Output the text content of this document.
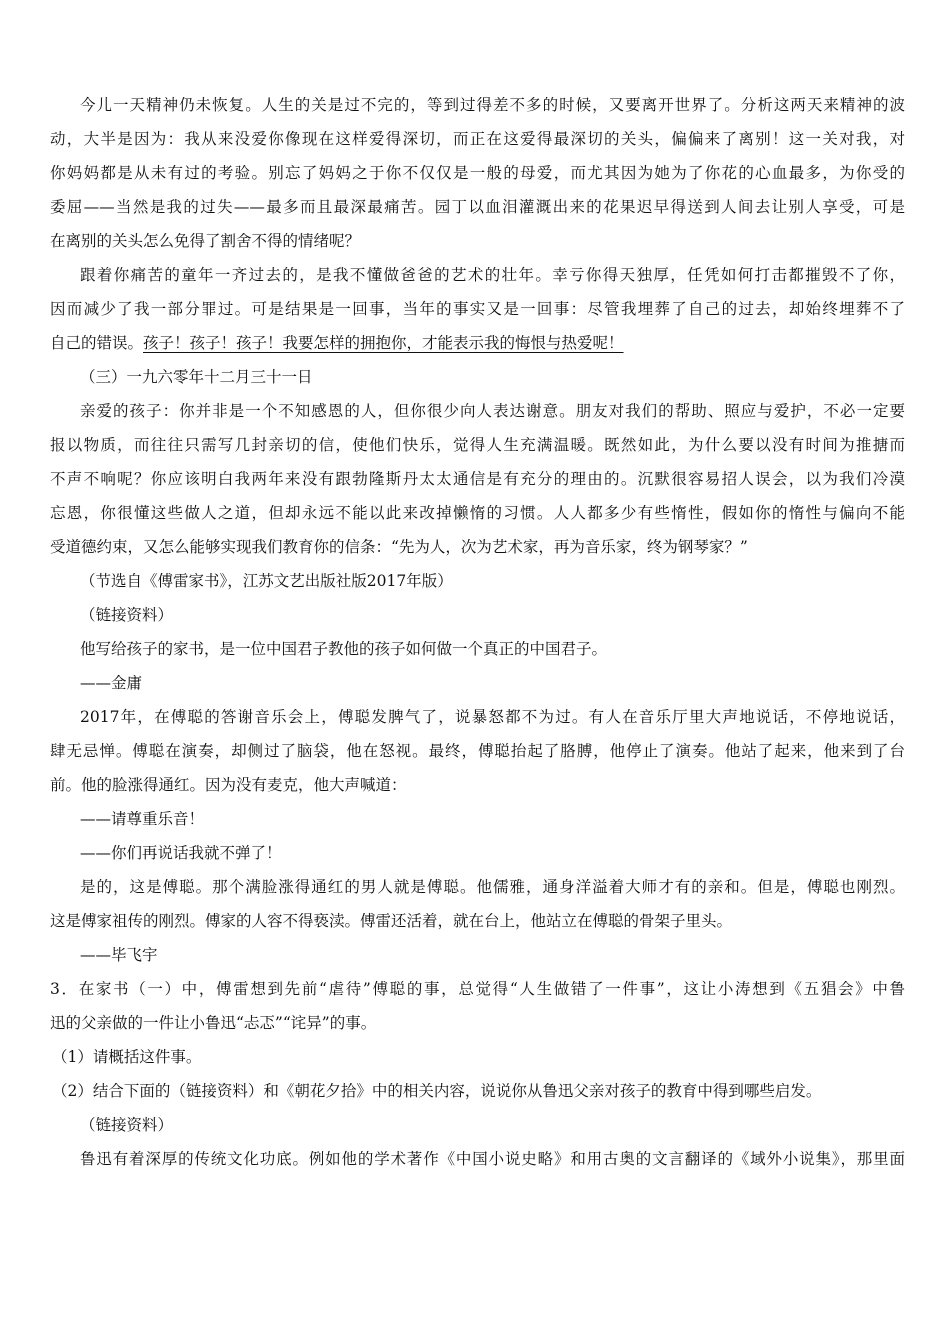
今儿一天精神仍未恢复。人生的关是过不完的，等到过得差不多的时候，又要离开世界了。分析这两天来精神的波
动，大半是因为：我从来没爱你像现在这样爱得深切，而正在这爱得最深切的关头，偏偏来了离别！这一关对我，对
你妈妈都是从未有过的考验。别忘了妈妈之于你不仅仅是一般的母爱，而尤其因为她为了你花的心血最多，为你受的
委屈——当然是我的过失——最多而且最深最痛苦。园丁以血泪灌溉出来的花果迟早得送到人间去让别人享受，可是
在离别的关头怎么免得了割舍不得的情绪呢？
跟着你痛苦的童年一齐过去的，是我不懂做爸爸的艺术的壮年。幸亏你得天独厚，任凭如何打击都摧毁不了你，
因而减少了我一部分罪过。可是结果是一回事，当年的事实又是一回事：尽管我埋葬了自己的过去，却始终埋葬不了
自己的错误。孩子！孩子！孩子！我要怎样的拥抱你，才能表示我的悔恨与热爱呢！
（三）一九六零年十二月三十一日
亲爱的孩子：你并非是一个不知感恩的人，但你很少向人表达谢意。朋友对我们的帮助、照应与爱护，不必一定要
报以物质，而往往只需写几封亲切的信，使他们快乐，觉得人生充满温暖。既然如此，为什么要以没有时间为推搪而
不声不响呢？你应该明白我两年来没有跟勃隆斯丹太太通信是有充分的理由的。沉默很容易招人误会，以为我们冷漠
忘恩，你很懂这些做人之道，但却永远不能以此来改掉懒惰的习惯。人人都多少有些惰性，假如你的惰性与偏向不能
受道德约束，又怎么能够实现我们教育你的信条：“先为人，次为艺术家，再为音乐家，终为钢琴家？”
（节选自《傅雷家书》，江苏文艺出版社版2017年版）
（链接资料）
他写给孩子的家书，是一位中国君子教他的孩子如何做一个真正的中国君子。
——金庸
2017年，在傅聪的答谢音乐会上，傅聪发脾气了，说暴怒都不为过。有人在音乐厅里大声地说话，不停地说话，
肆无忌惮。傅聪在演奏，却侧过了脑袋，他在怒视。最终，傅聪抬起了胳膊，他停止了演奏。他站了起来，他来到了台
前。他的脸涨得通红。因为没有麦克，他大声喊道：
——请尊重乐音！
——你们再说话我就不弹了！
是的，这是傅聪。那个满脸涨得通红的男人就是傅聪。他儒雅，通身洋溢着大师才有的亲和。但是，傅聪也刚烈。
这是傅家祖传的刚烈。傅家的人容不得亵渎。傅雷还活着，就在台上，他站立在傅聪的骨架子里头。
——毕飞宇
3．在家书（一）中，傅雷想到先前“虐待”傅聪的事，总觉得“人生做错了一件事”，这让小涛想到《五猖会》中鲁
迅的父亲做的一件让小鲁迅“忐忑”“诧异”的事。
（1）请概括这件事。
（2）结合下面的（链接资料）和《朝花夕拾》中的相关内容，说说你从鲁迅父亲对孩子的教育中得到哪些启发。
（链接资料）
鲁迅有着深厚的传统文化功底。例如他的学术著作《中国小说史略》和用古奥的文言翻译的《域外小说集》，那里面
